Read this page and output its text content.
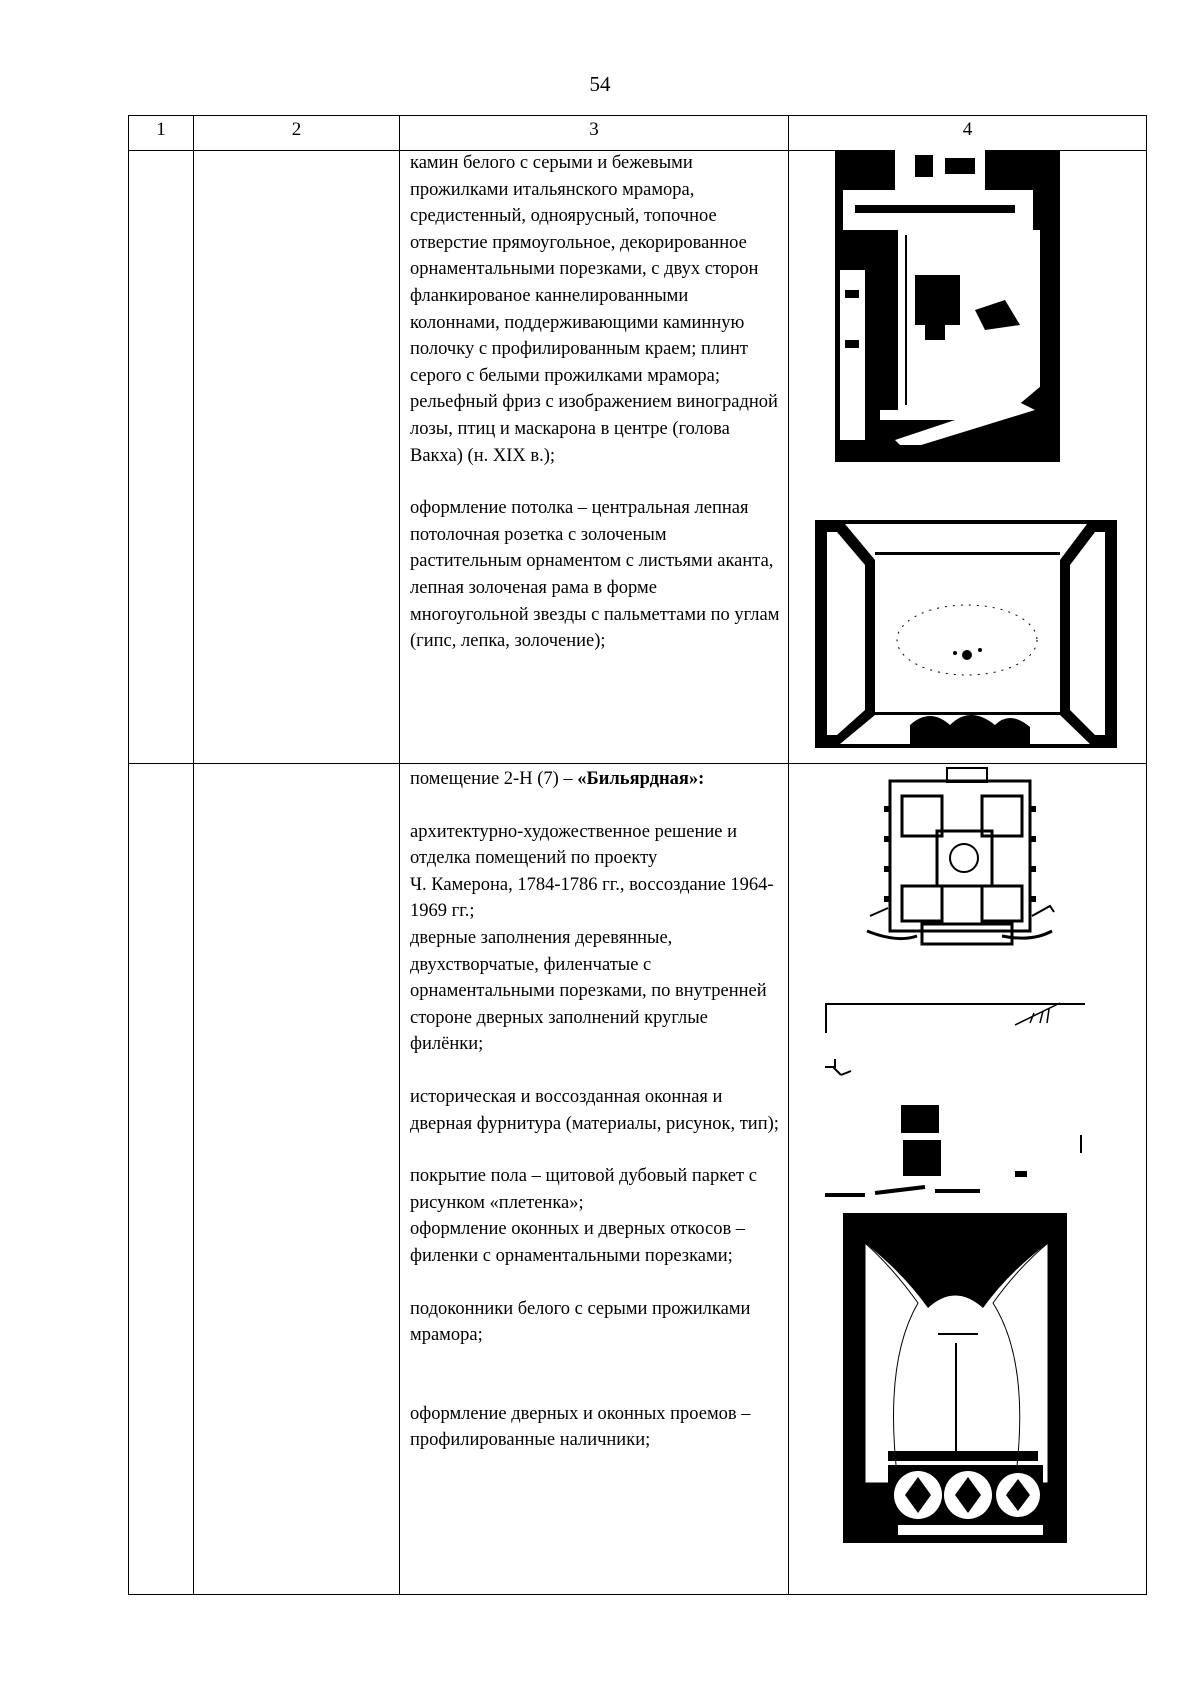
54
1	2	3	4

камин белого с серыми и бежевыми прожилками итальянского мрамора, средистенный, одноярусный, топочное отверстие прямоугольное, декорированное орнаментальными порезками, с двух сторон фланкированое каннелированными колоннами, поддерживающими каминную полочку с профилированным краем; плинт серого с белыми прожилками мрамора; рельефный фриз с изображением виноградной лозы, птиц и маскарона в центре (голова Вакха) (н. XIX в.);

оформление потолка – центральная лепная потолочная розетка с золоченым растительным орнаментом с листьями аканта, лепная золоченая рама в форме многоугольной звезды с пальметтами по углам (гипс, лепка, золочение);

помещение 2-Н (7) – «Бильярдная»:

архитектурно-художественное решение и отделка помещений по проекту

Ч. Камерона, 1784-1786 гг., воссоздание 1964-1969 гг.;

дверные заполнения деревянные, двухстворчатые, филенчатые с орнаментальными порезками, по внутренней стороне дверных заполнений круглые филёнки;

историческая и воссозданная оконная и дверная фурнитура (материалы, рисунок, тип);

покрытие пола – щитовой дубовый паркет с рисунком «плетенка»;

оформление оконных и дверных откосов – филенки с орнаментальными порезками;

подоконники белого с серыми прожилками мрамора;

оформление дверных и оконных проемов – профилированные наличники;
